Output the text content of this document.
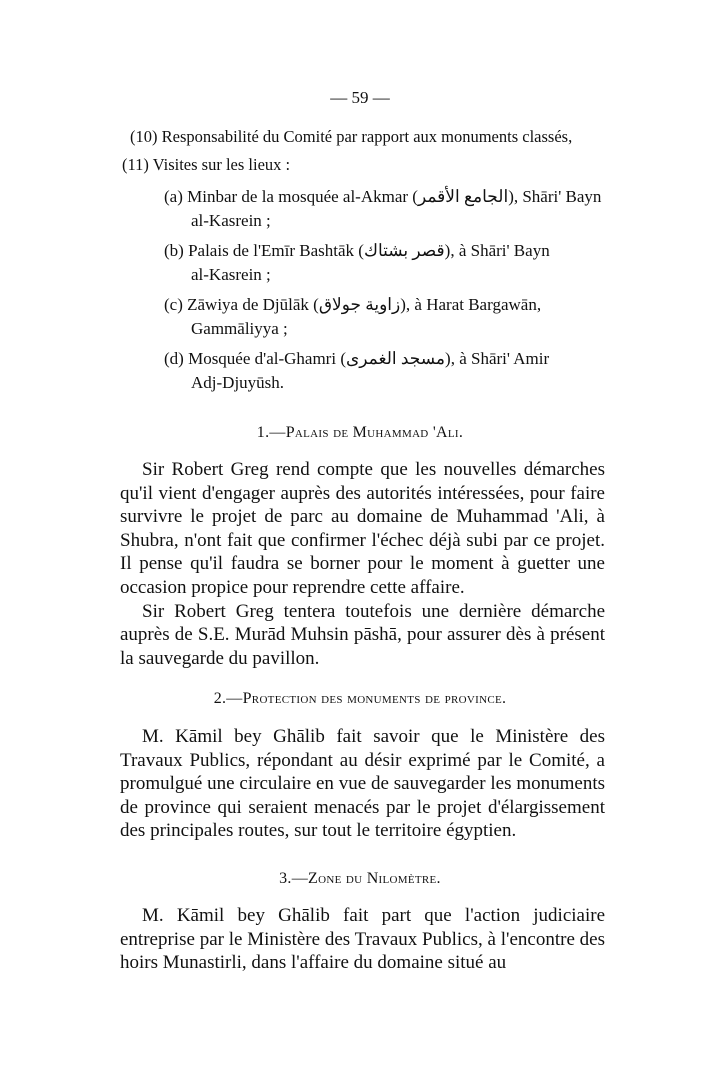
— 59 —
(10) Responsabilité du Comité par rapport aux monuments classés,
(11) Visites sur les lieux :
(a) Minbar de la mosquée al-Akmar (الجامع الأقمر), Shāri' Bayn
al-Kasrein ;
(b) Palais de l'Emīr Bashtāk (قصر بشتاك), à Shāri' Bayn
al-Kasrein ;
(c) Zāwiya de Djūlāk (زاوية جولاق), à Harat Bargawān,
Gammāliyya ;
(d) Mosquée d'al-Ghamri (مسجد الغمرى), à Shāri' Amir
Adj-Djuyūsh.
1.—Palais de Muhammad 'Ali.

Sir Robert Greg rend compte que les nouvelles démarches qu'il vient d'engager auprès des autorités intéressées, pour faire survivre le projet de parc au domaine de Muhammad 'Ali, à Shubra, n'ont fait que confirmer l'échec déjà subi par ce projet. Il pense qu'il faudra se borner pour le moment à guetter une occasion propice pour reprendre cette affaire.

Sir Robert Greg tentera toutefois une dernière démarche auprès de S.E. Murād Muhsin pāshā, pour assurer dès à présent la sauvegarde du pavillon.

2.—Protection des monuments de province.

M. Kāmil bey Ghālib fait savoir que le Ministère des Travaux Publics, répondant au désir exprimé par le Comité, a promulgué une circulaire en vue de sauvegarder les monuments de province qui seraient menacés par le projet d'élargissement des principales routes, sur tout le territoire égyptien.

3.—Zone du Nilomètre.

M. Kāmil bey Ghālib fait part que l'action judiciaire entreprise par le Ministère des Travaux Publics, à l'encontre des hoirs Munastirli, dans l'affaire du domaine situé au
